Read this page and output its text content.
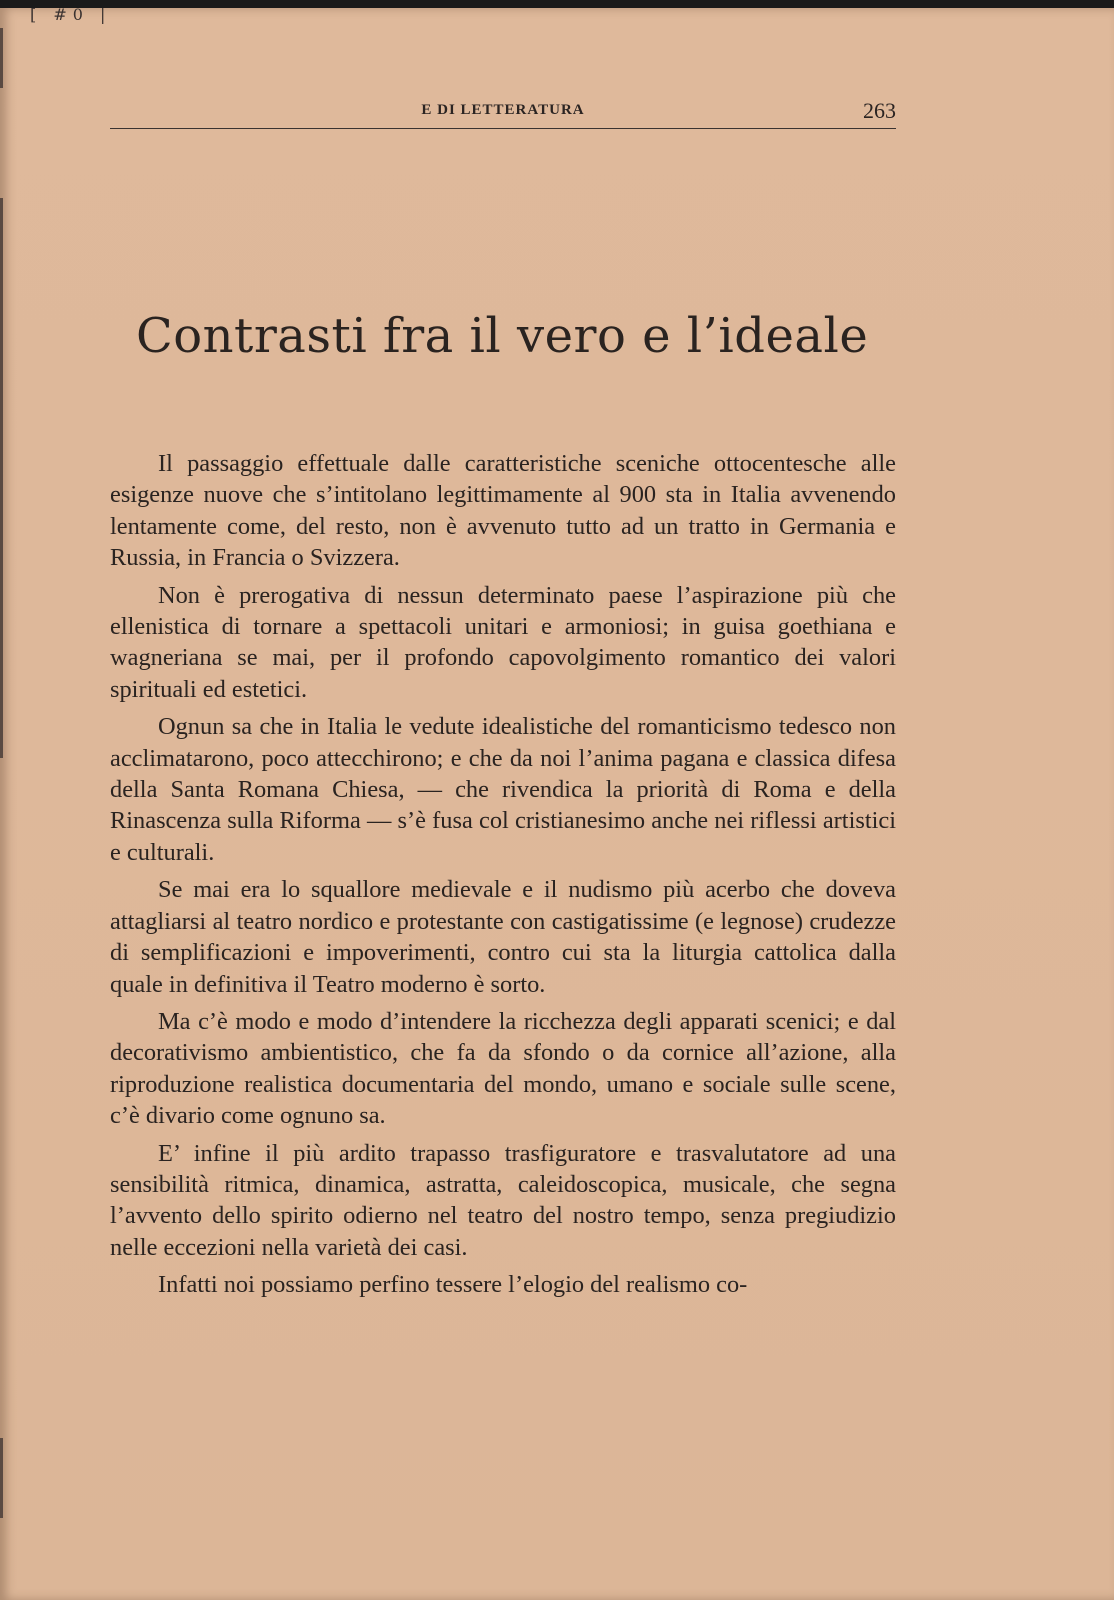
[ #0 |
E DI LETTERATURA	263
Contrasti fra il vero e l’ideale

Il passaggio effettuale dalle caratteristiche sceniche ottocentesche alle esigenze nuove che s’intitolano legittimamente al 900 sta in Italia avvenendo lentamente come, del resto, non è avvenuto tutto ad un tratto in Germania e Russia, in Francia o Svizzera.

Non è prerogativa di nessun determinato paese l’aspirazione più che ellenistica di tornare a spettacoli unitari e armoniosi; in guisa goethiana e wagneriana se mai, per il profondo capovolgimento romantico dei valori spirituali ed estetici.

Ognun sa che in Italia le vedute idealistiche del romanticismo tedesco non acclimatarono, poco attecchirono; e che da noi l’anima pagana e classica difesa della Santa Romana Chiesa, — che rivendica la priorità di Roma e della Rinascenza sulla Riforma — s’è fusa col cristianesimo anche nei riflessi artistici e culturali.

Se mai era lo squallore medievale e il nudismo più acerbo che doveva attagliarsi al teatro nordico e protestante con castigatissime (e legnose) crudezze di semplificazioni e impoverimenti, contro cui sta la liturgia cattolica dalla quale in definitiva il Teatro moderno è sorto.

Ma c’è modo e modo d’intendere la ricchezza degli apparati scenici; e dal decorativismo ambientistico, che fa da sfondo o da cornice all’azione, alla riproduzione realistica documentaria del mondo, umano e sociale sulle scene, c’è divario come ognuno sa.

E’ infine il più ardito trapasso trasfiguratore e trasvalutatore ad una sensibilità ritmica, dinamica, astratta, caleidoscopica, musicale, che segna l’avvento dello spirito odierno nel teatro del nostro tempo, senza pregiudizio nelle eccezioni nella varietà dei casi.

Infatti noi possiamo perfino tessere l’elogio del realismo co-
